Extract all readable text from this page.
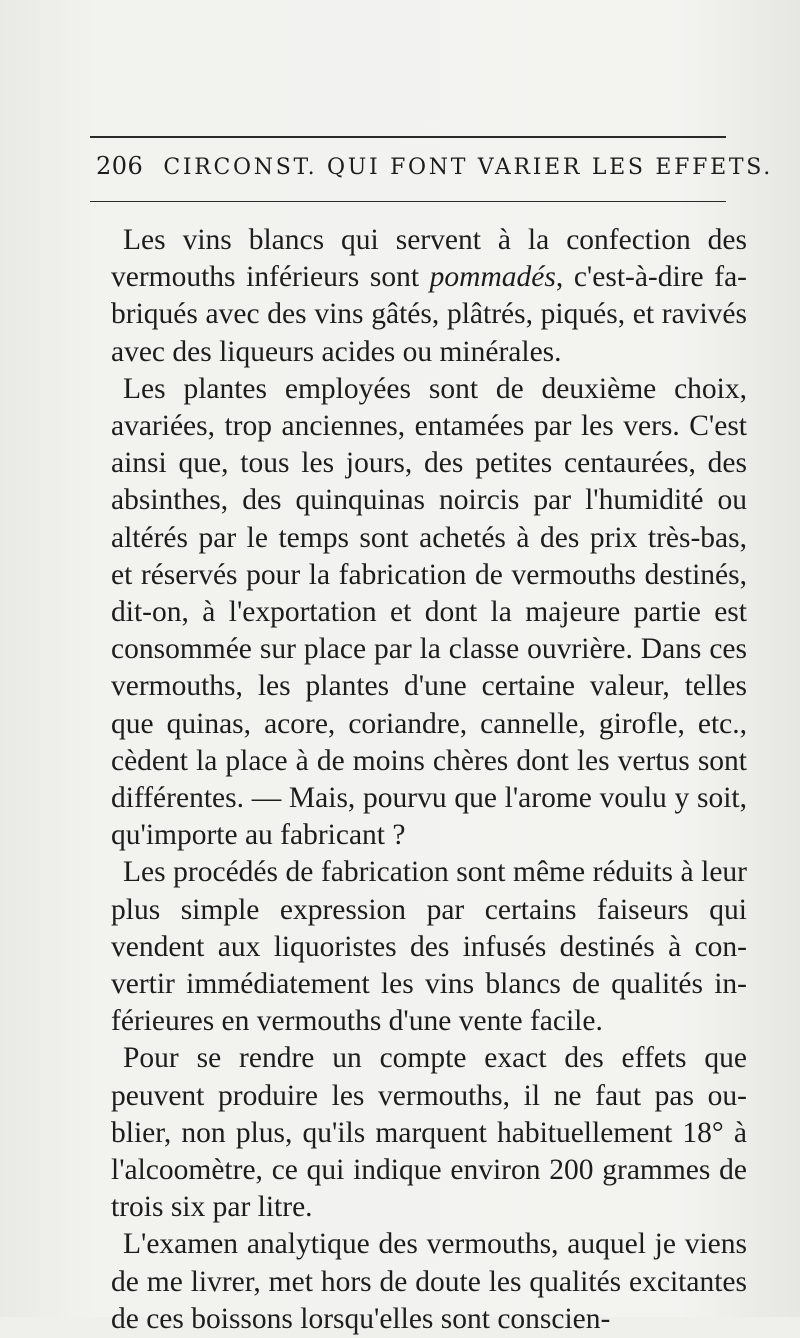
206 CIRCONST. QUI FONT VARIER LES EFFETS.

Les vins blancs qui servent à la confection des vermouths inférieurs sont pommadés, c'est-à-dire fabriqués avec des vins gâtés, plâtrés, piqués, et ravivés avec des liqueurs acides ou minérales.

Les plantes employées sont de deuxième choix, avariées, trop anciennes, entamées par les vers. C'est ainsi que, tous les jours, des petites centaurées, des absinthes, des quinquinas noircis par l'humidité ou altérés par le temps sont achetés à des prix très-bas, et réservés pour la fabrication de vermouths destinés, dit-on, à l'exportation et dont la majeure partie est consommée sur place par la classe ouvrière. Dans ces vermouths, les plantes d'une certaine valeur, telles que quinas, acore, coriandre, cannelle, girofle, etc., cèdent la place à de moins chères dont les vertus sont différentes. — Mais, pourvu que l'arome voulu y soit, qu'importe au fabricant ?

Les procédés de fabrication sont même réduits à leur plus simple expression par certains faiseurs qui vendent aux liquoristes des infusés destinés à convertir immédiatement les vins blancs de qualités inférieures en vermouths d'une vente facile.

Pour se rendre un compte exact des effets que peuvent produire les vermouths, il ne faut pas oublier, non plus, qu'ils marquent habituellement 18° à l'alcoomètre, ce qui indique environ 200 grammes de trois six par litre.

L'examen analytique des vermouths, auquel je viens de me livrer, met hors de doute les qualités excitantes de ces boissons lorsqu'elles sont conscien-
